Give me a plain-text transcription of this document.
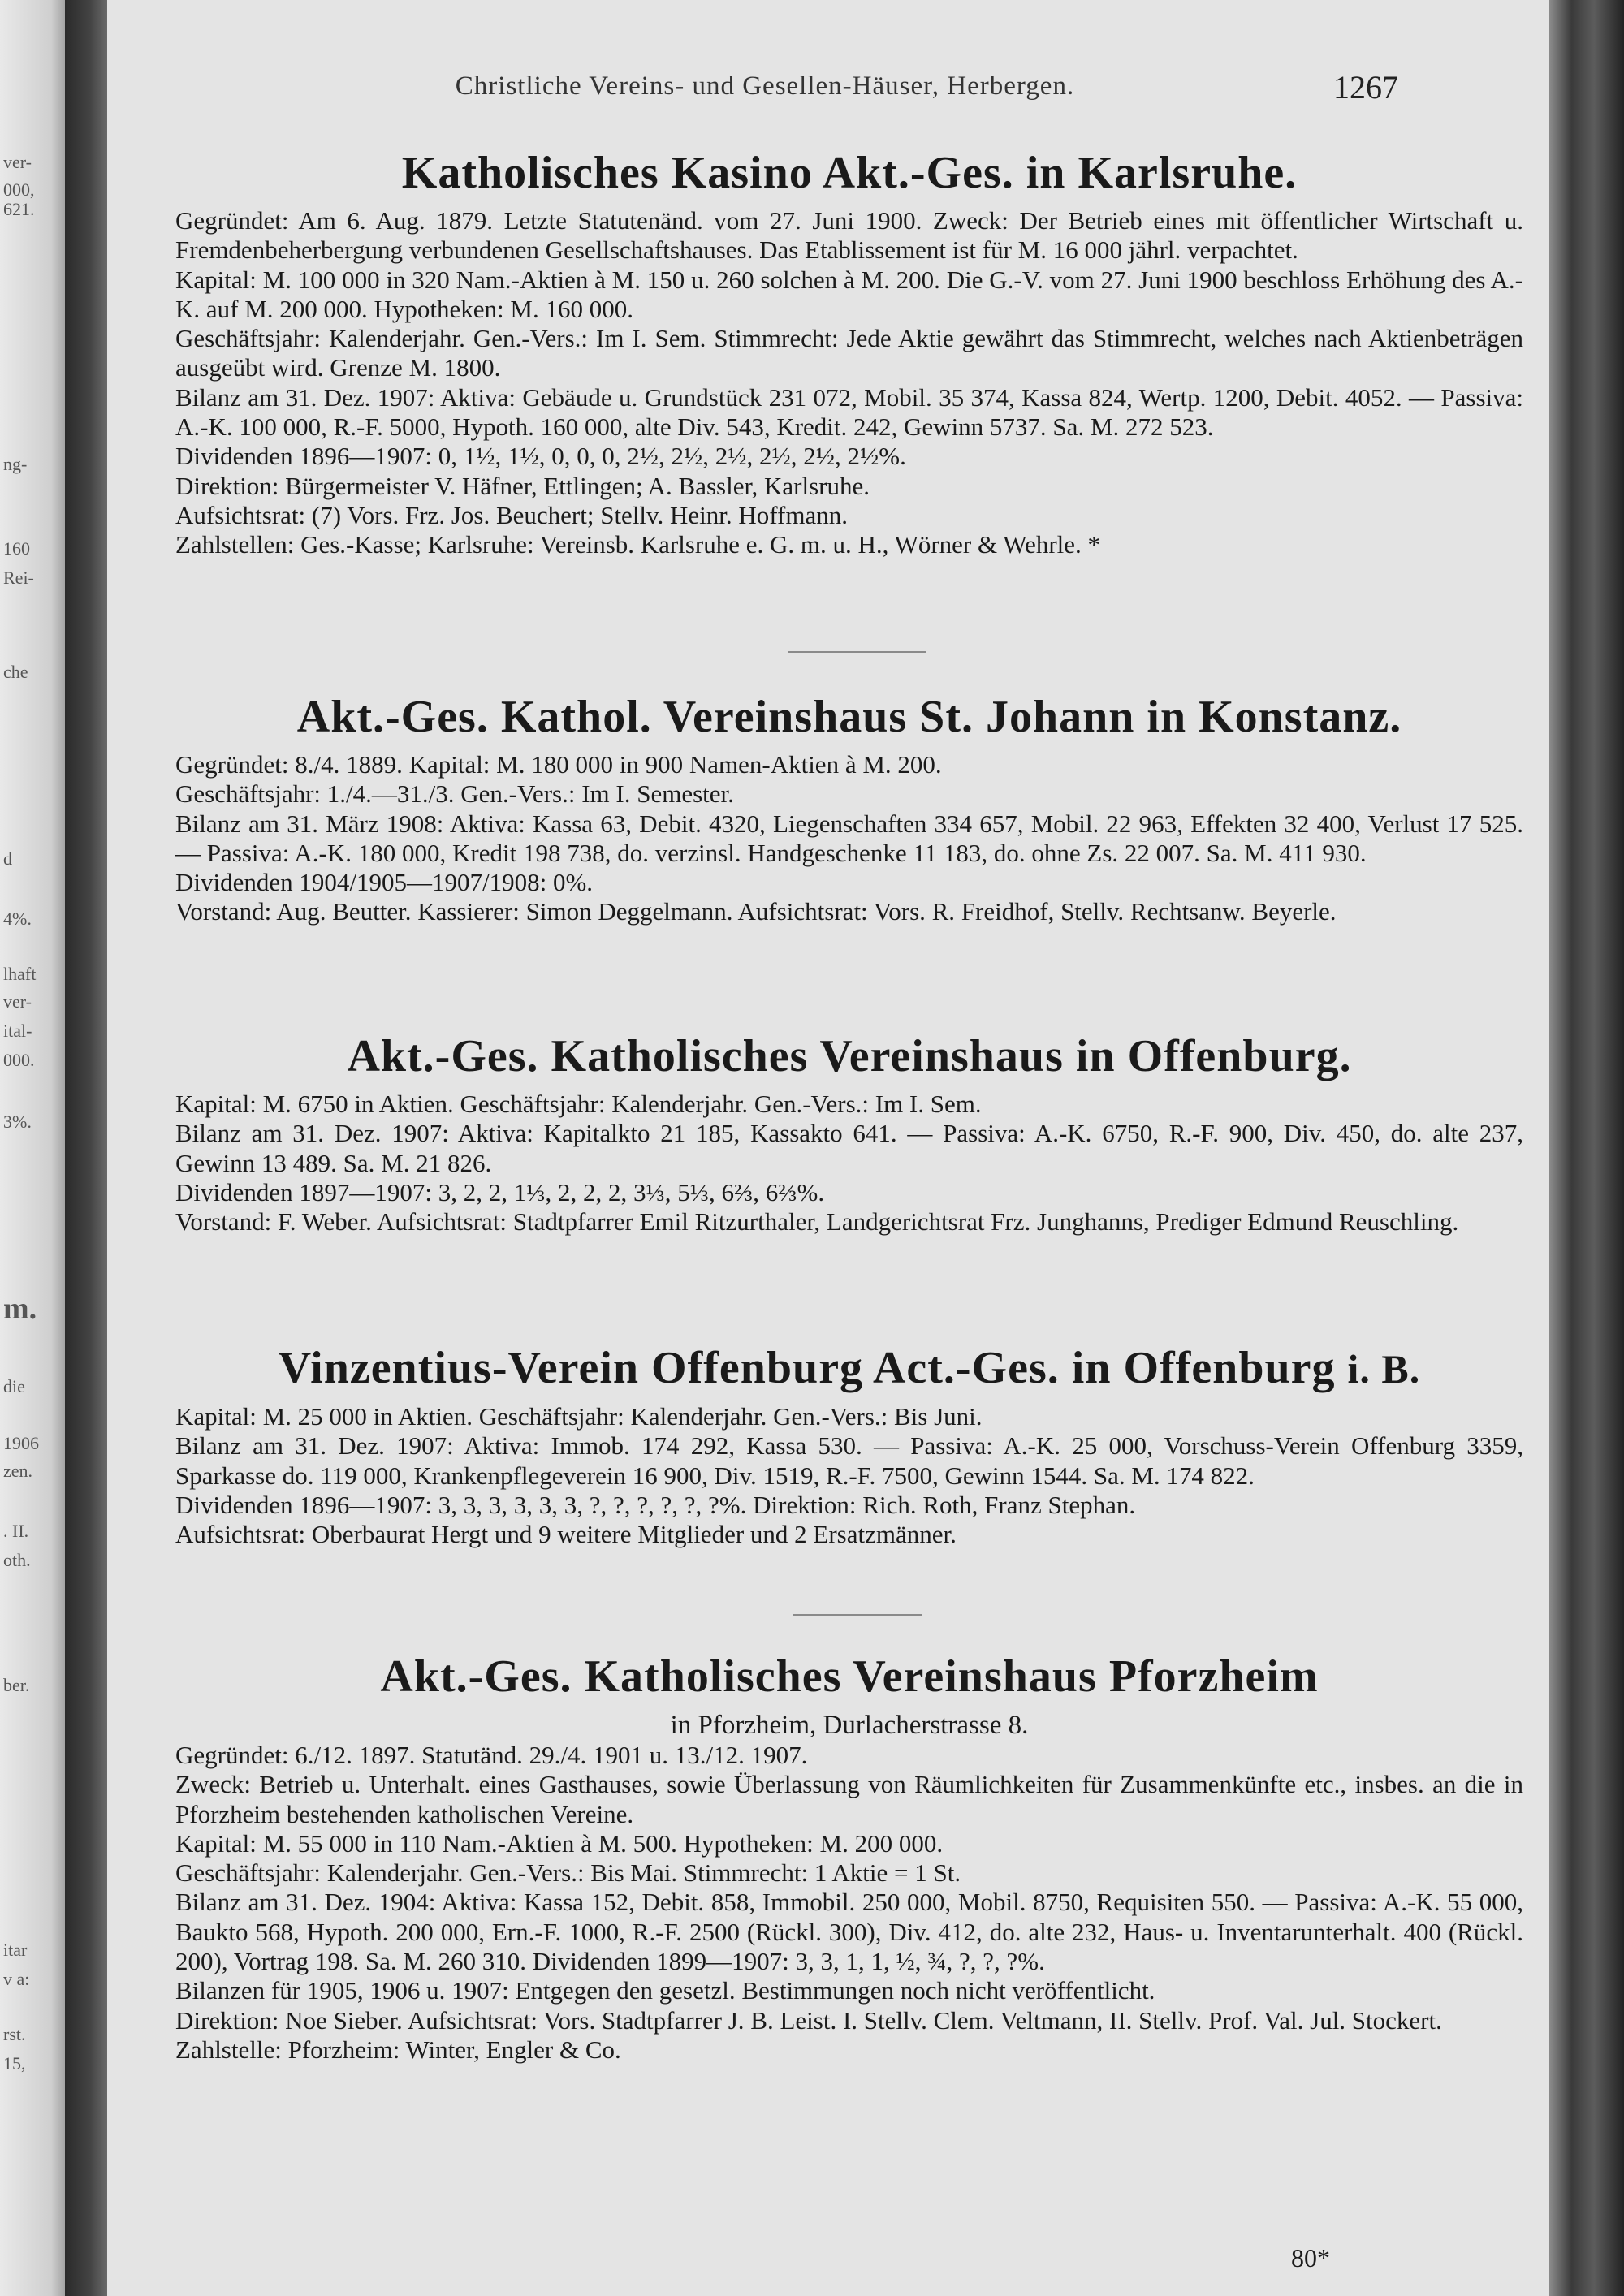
ver-
000,
621.
ng-
160
Rei-
che
d
4%.
lhaft
ver-
ital-
000.
3%.
m.
die
1906
zen.
. II.
oth.
ber.
itar
v a:
rst.
15,
Christliche Vereins- und Gesellen-Häuser, Herbergen.	1267
Katholisches Kasino Akt.-Ges. in Karlsruhe.

Gegründet: Am 6. Aug. 1879. Letzte Statutenänd. vom 27. Juni 1900. Zweck: Der Betrieb eines mit öffentlicher Wirtschaft u. Fremdenbeherbergung verbundenen Gesellschaftshauses. Das Etablissement ist für M. 16 000 jährl. verpachtet.

Kapital: M. 100 000 in 320 Nam.-Aktien à M. 150 u. 260 solchen à M. 200. Die G.-V. vom 27. Juni 1900 beschloss Erhöhung des A.-K. auf M. 200 000. Hypotheken: M. 160 000.

Geschäftsjahr: Kalenderjahr. Gen.-Vers.: Im I. Sem. Stimmrecht: Jede Aktie gewährt das Stimmrecht, welches nach Aktienbeträgen ausgeübt wird. Grenze M. 1800.

Bilanz am 31. Dez. 1907: Aktiva: Gebäude u. Grundstück 231 072, Mobil. 35 374, Kassa 824, Wertp. 1200, Debit. 4052. — Passiva: A.-K. 100 000, R.-F. 5000, Hypoth. 160 000, alte Div. 543, Kredit. 242, Gewinn 5737. Sa. M. 272 523.

Dividenden 1896—1907: 0, 1½, 1½, 0, 0, 0, 2½, 2½, 2½, 2½, 2½, 2½%.

Direktion: Bürgermeister V. Häfner, Ettlingen; A. Bassler, Karlsruhe.

Aufsichtsrat: (7) Vors. Frz. Jos. Beuchert; Stellv. Heinr. Hoffmann.

Zahlstellen: Ges.-Kasse; Karlsruhe: Vereinsb. Karlsruhe e. G. m. u. H., Wörner & Wehrle. *

Akt.-Ges. Kathol. Vereinshaus St. Johann in Konstanz.

Gegründet: 8./4. 1889. Kapital: M. 180 000 in 900 Namen-Aktien à M. 200.

Geschäftsjahr: 1./4.—31./3. Gen.-Vers.: Im I. Semester.

Bilanz am 31. März 1908: Aktiva: Kassa 63, Debit. 4320, Liegenschaften 334 657, Mobil. 22 963, Effekten 32 400, Verlust 17 525. — Passiva: A.-K. 180 000, Kredit 198 738, do. verzinsl. Handgeschenke 11 183, do. ohne Zs. 22 007. Sa. M. 411 930.

Dividenden 1904/1905—1907/1908: 0%.

Vorstand: Aug. Beutter. Kassierer: Simon Deggelmann. Aufsichtsrat: Vors. R. Freidhof, Stellv. Rechtsanw. Beyerle.

Akt.-Ges. Katholisches Vereinshaus in Offenburg.

Kapital: M. 6750 in Aktien. Geschäftsjahr: Kalenderjahr. Gen.-Vers.: Im I. Sem.

Bilanz am 31. Dez. 1907: Aktiva: Kapitalkto 21 185, Kassakto 641. — Passiva: A.-K. 6750, R.-F. 900, Div. 450, do. alte 237, Gewinn 13 489. Sa. M. 21 826.

Dividenden 1897—1907: 3, 2, 2, 1⅓, 2, 2, 2, 3⅓, 5⅓, 6⅔, 6⅔%.

Vorstand: F. Weber. Aufsichtsrat: Stadtpfarrer Emil Ritzurthaler, Landgerichtsrat Frz. Junghanns, Prediger Edmund Reuschling.

Vinzentius-Verein Offenburg Act.-Ges. in Offenburg i. B.

Kapital: M. 25 000 in Aktien. Geschäftsjahr: Kalenderjahr. Gen.-Vers.: Bis Juni.

Bilanz am 31. Dez. 1907: Aktiva: Immob. 174 292, Kassa 530. — Passiva: A.-K. 25 000, Vorschuss-Verein Offenburg 3359, Sparkasse do. 119 000, Krankenpflegeverein 16 900, Div. 1519, R.-F. 7500, Gewinn 1544. Sa. M. 174 822.

Dividenden 1896—1907: 3, 3, 3, 3, 3, 3, ?, ?, ?, ?, ?, ?%. Direktion: Rich. Roth, Franz Stephan.

Aufsichtsrat: Oberbaurat Hergt und 9 weitere Mitglieder und 2 Ersatzmänner.

Akt.-Ges. Katholisches Vereinshaus Pforzheim
in Pforzheim, Durlacherstrasse 8.

Gegründet: 6./12. 1897. Statutänd. 29./4. 1901 u. 13./12. 1907.

Zweck: Betrieb u. Unterhalt. eines Gasthauses, sowie Überlassung von Räumlichkeiten für Zusammenkünfte etc., insbes. an die in Pforzheim bestehenden katholischen Vereine.

Kapital: M. 55 000 in 110 Nam.-Aktien à M. 500. Hypotheken: M. 200 000.

Geschäftsjahr: Kalenderjahr. Gen.-Vers.: Bis Mai. Stimmrecht: 1 Aktie = 1 St.

Bilanz am 31. Dez. 1904: Aktiva: Kassa 152, Debit. 858, Immobil. 250 000, Mobil. 8750, Requisiten 550. — Passiva: A.-K. 55 000, Baukto 568, Hypoth. 200 000, Ern.-F. 1000, R.-F. 2500 (Rückl. 300), Div. 412, do. alte 232, Haus- u. Inventarunterhalt. 400 (Rückl. 200), Vortrag 198. Sa. M. 260 310. Dividenden 1899—1907: 3, 3, 1, 1, ½, ¾, ?, ?, ?%.

Bilanzen für 1905, 1906 u. 1907: Entgegen den gesetzl. Bestimmungen noch nicht veröffentlicht.

Direktion: Noe Sieber. Aufsichtsrat: Vors. Stadtpfarrer J. B. Leist. I. Stellv. Clem. Veltmann, II. Stellv. Prof. Val. Jul. Stockert.

Zahlstelle: Pforzheim: Winter, Engler & Co.

80*
